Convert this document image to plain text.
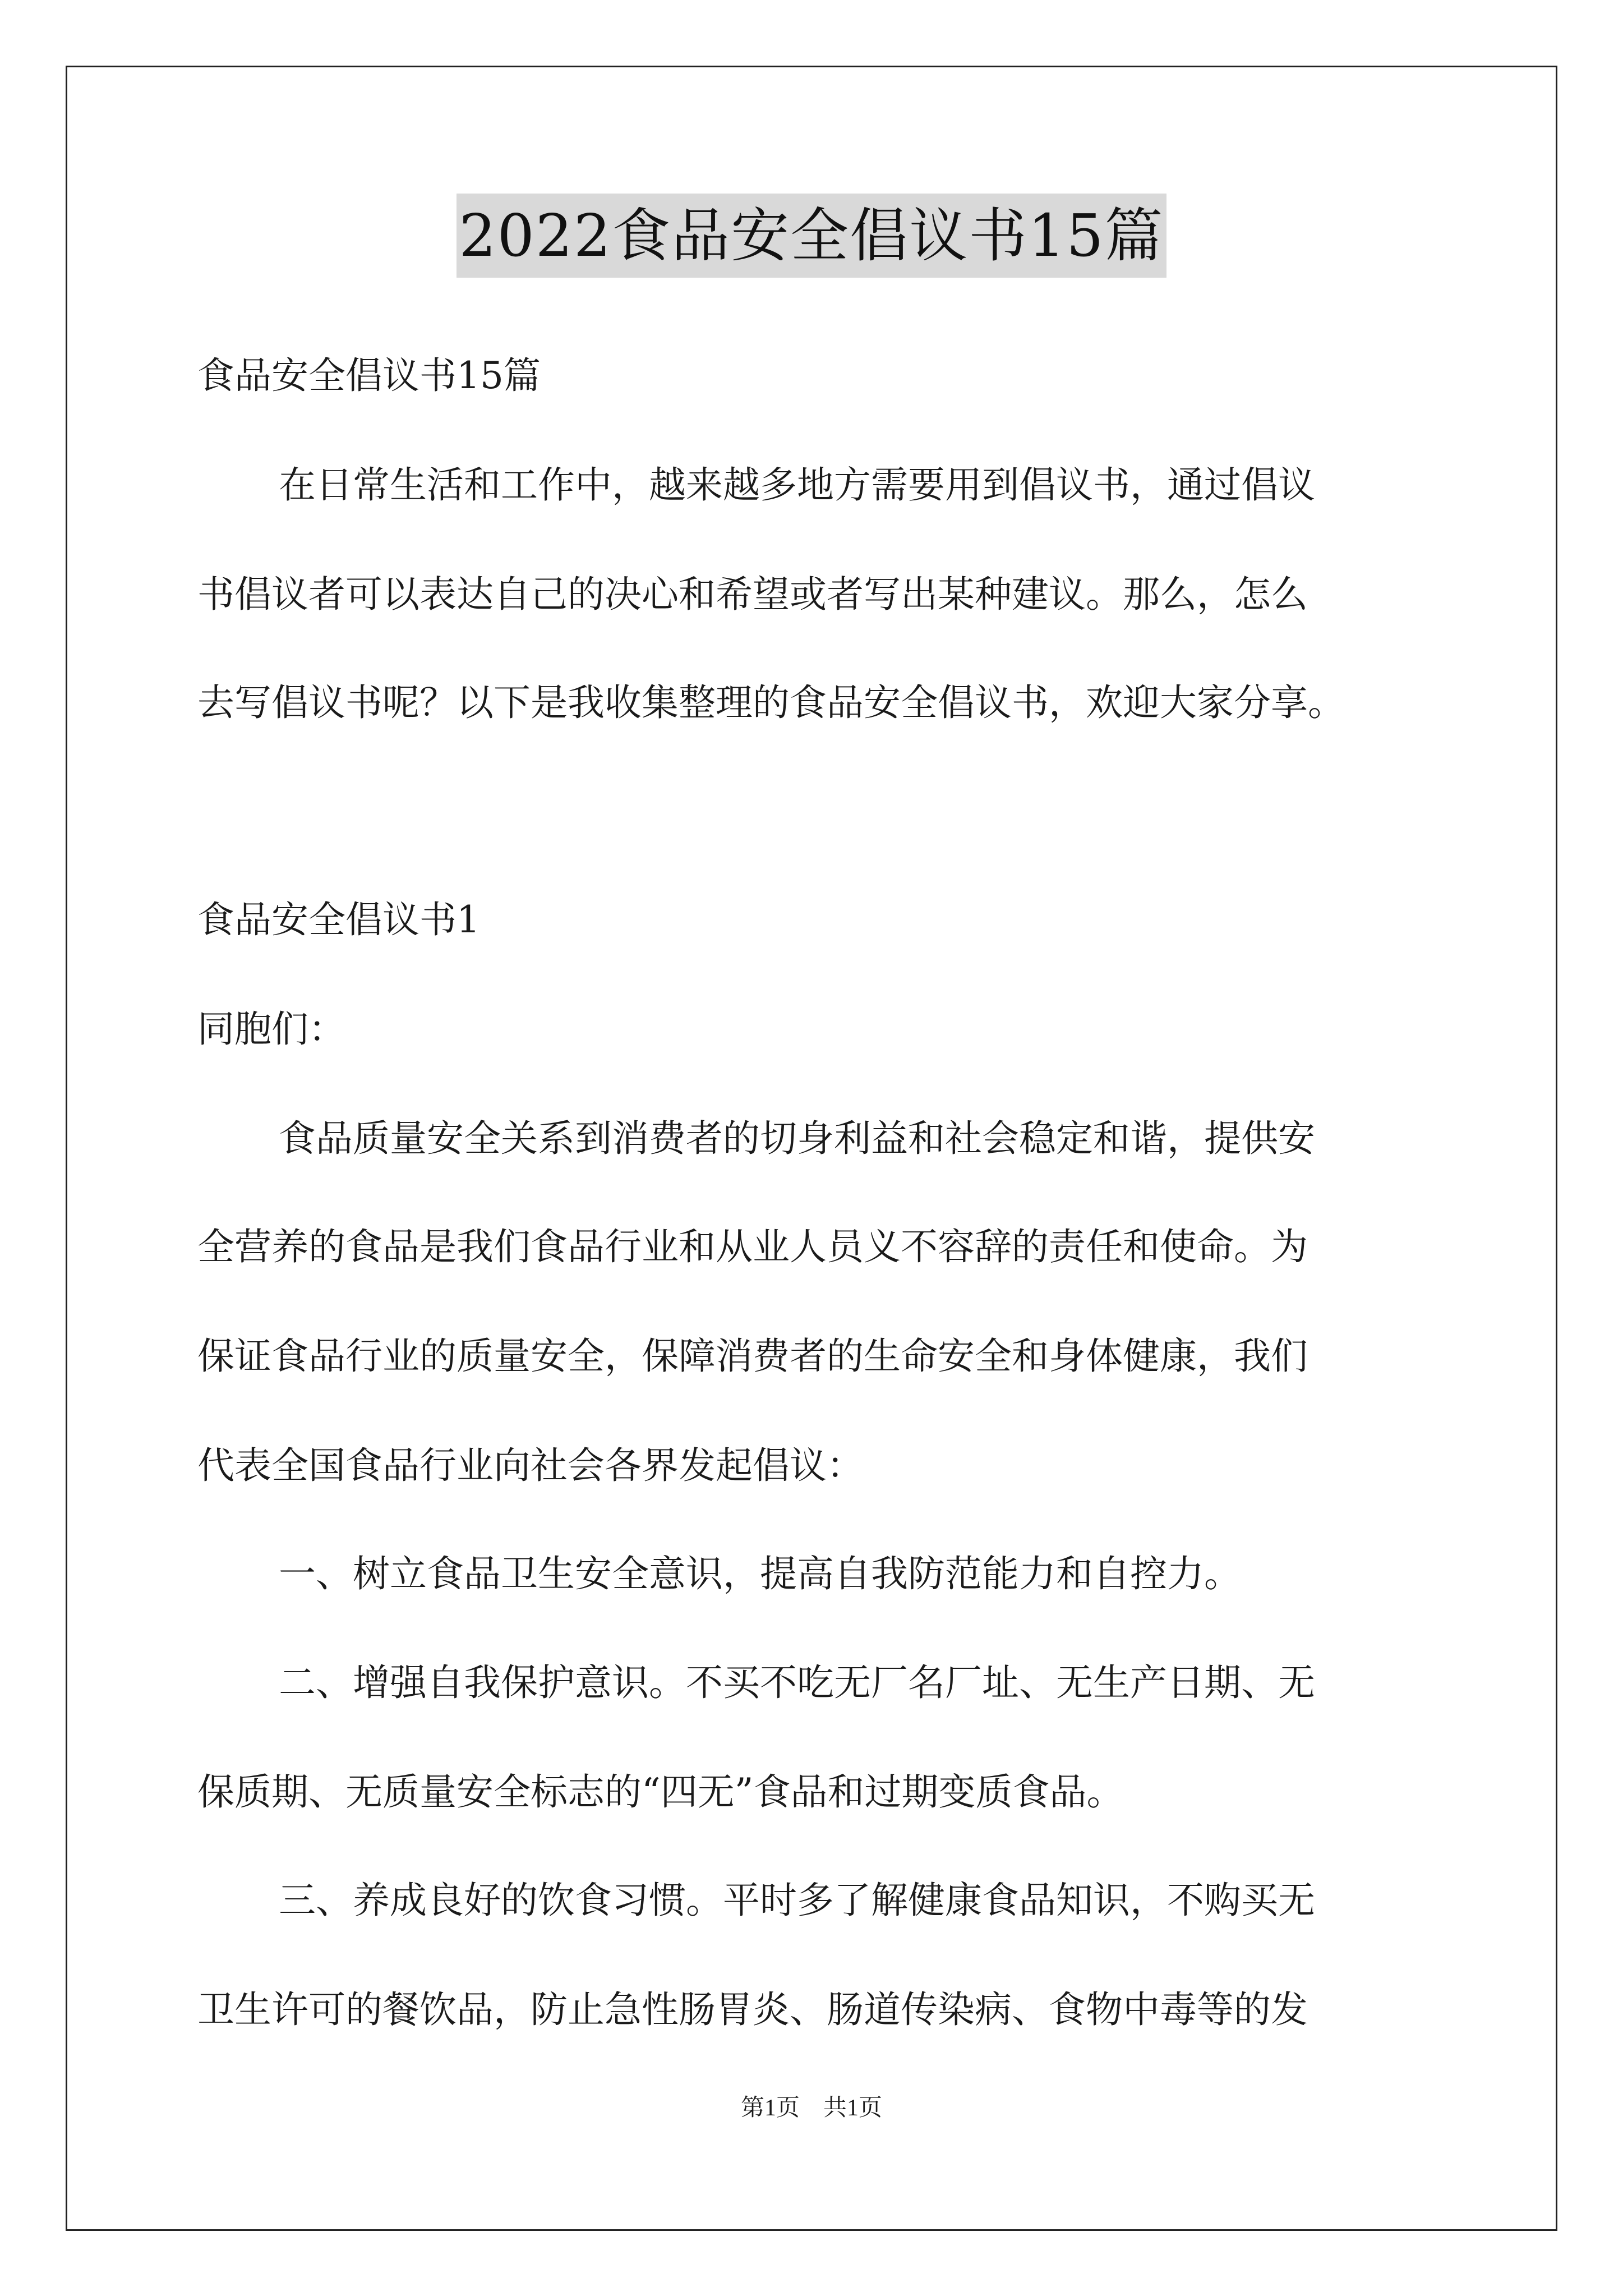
2022食品安全倡议书15篇
食品安全倡议书15篇
在日常生活和工作中，越来越多地方需要用到倡议书，通过倡议
书倡议者可以表达自己的决心和希望或者写出某种建议。那么，怎么
去写倡议书呢？以下是我收集整理的食品安全倡议书，欢迎大家分享。
食品安全倡议书1
同胞们：
食品质量安全关系到消费者的切身利益和社会稳定和谐，提供安
全营养的食品是我们食品行业和从业人员义不容辞的责任和使命。为
保证食品行业的质量安全，保障消费者的生命安全和身体健康，我们
代表全国食品行业向社会各界发起倡议：
一、树立食品卫生安全意识，提高自我防范能力和自控力。
二、增强自我保护意识。不买不吃无厂名厂址、无生产日期、无
保质期、无质量安全标志的“四无”食品和过期变质食品。
三、养成良好的饮食习惯。平时多了解健康食品知识，不购买无
卫生许可的餐饮品，防止急性肠胃炎、肠道传染病、食物中毒等的发
第1页　共1页
